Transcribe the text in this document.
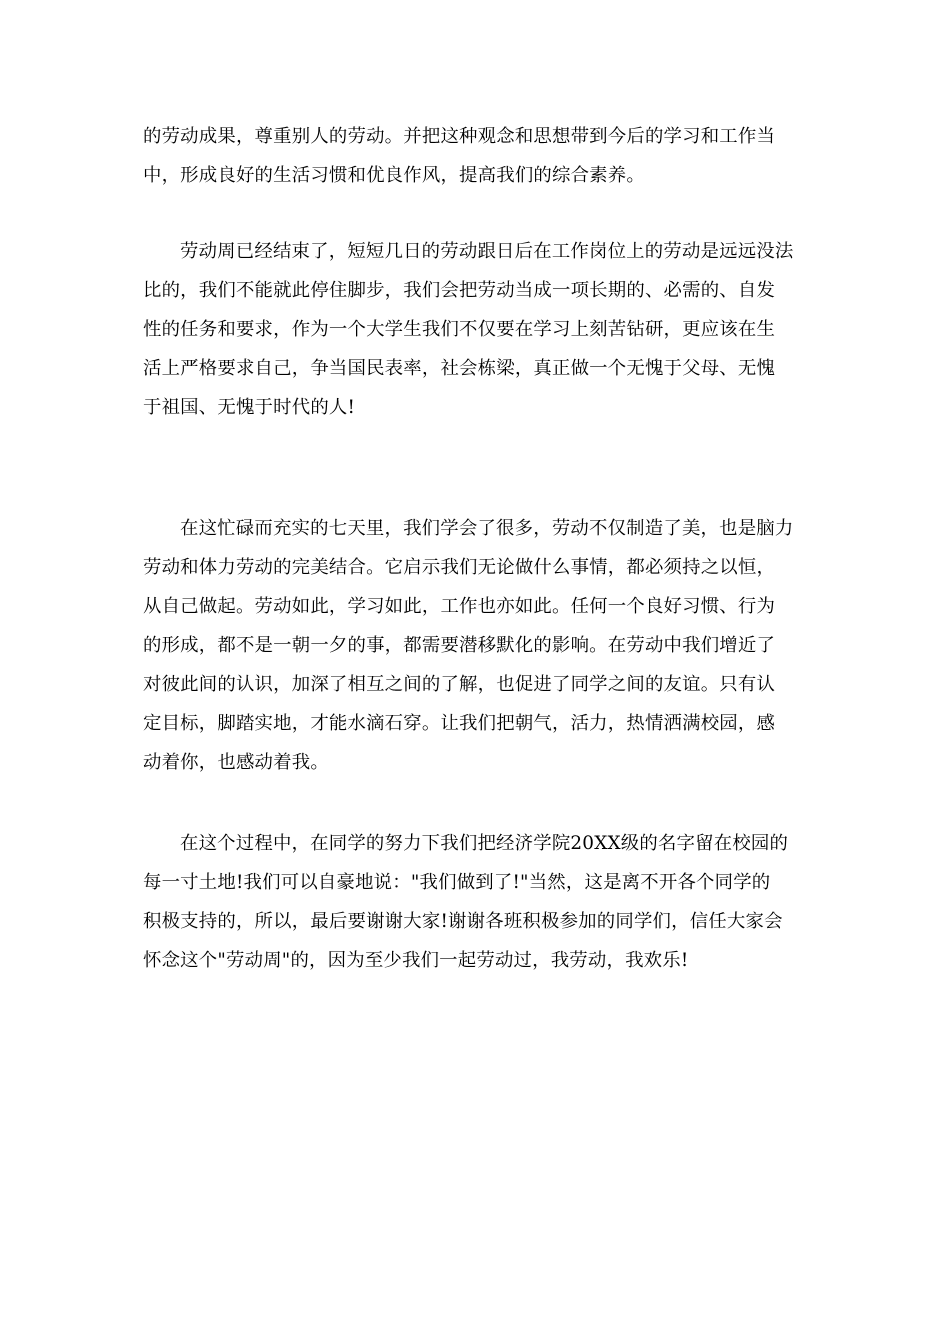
的劳动成果，尊重别人的劳动。并把这种观念和思想带到今后的学习和工作当
中，形成良好的生活习惯和优良作风，提高我们的综合素养。

劳动周已经结束了，短短几日的劳动跟日后在工作岗位上的劳动是远远没法
比的，我们不能就此停住脚步，我们会把劳动当成一项长期的、必需的、自发
性的任务和要求，作为一个大学生我们不仅要在学习上刻苦钻研，更应该在生
活上严格要求自己，争当国民表率，社会栋梁，真正做一个无愧于父母、无愧
于祖国、无愧于时代的人!

在这忙碌而充实的七天里，我们学会了很多，劳动不仅制造了美，也是脑力
劳动和体力劳动的完美结合。它启示我们无论做什么事情，都必须持之以恒，
从自己做起。劳动如此，学习如此，工作也亦如此。任何一个良好习惯、行为
的形成，都不是一朝一夕的事，都需要潜移默化的影响。在劳动中我们增近了
对彼此间的认识，加深了相互之间的了解，也促进了同学之间的友谊。只有认
定目标，脚踏实地，才能水滴石穿。让我们把朝气，活力，热情洒满校园，感
动着你，也感动着我。

在这个过程中，在同学的努力下我们把经济学院20XX级的名字留在校园的
每一寸土地!我们可以自豪地说："我们做到了!"当然，这是离不开各个同学的
积极支持的，所以，最后要谢谢大家!谢谢各班积极参加的同学们，信任大家会
怀念这个"劳动周"的，因为至少我们一起劳动过，我劳动，我欢乐!
